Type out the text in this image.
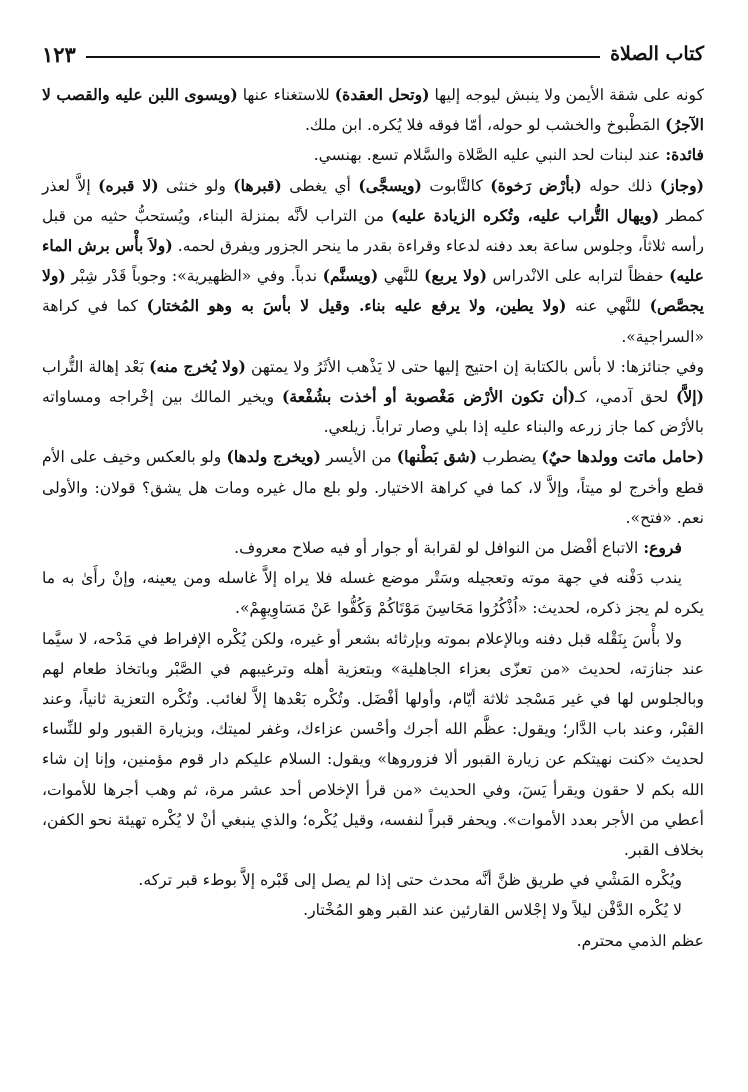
كتاب الصلاة
١٢٣

كونه على شقة الأيمن ولا ينبش ليوجه إليها (وتحل العقدة) للاستغناء عنها (ويسوى اللبن عليه والقصب لا الآجرُ) المَطْبوخ والخشب لو حوله، أمّا فوقه فلا يُكره. ابن ملك.

فائدة: عند لبنات لحد النبي عليه الصَّلاة والسَّلام تسع. بهنسي.

(وجاز) ذلك حوله (بأرْض رَخوة) كالتَّابوت (ويسجَّى) أي يغطى (قبرها) ولو خنثى (لا قبره) إلاَّ لعذر كمطر (ويهال التُّراب عليه، وتُكره الزيادة عليه) من التراب لأنَّه بمنزلة البناء، ويُستحبُّ حثيه من قبل رأسه ثلاثاً، وجلوس ساعة بعد دفنه لدعاء وقراءة بقدر ما ينحر الجزور ويفرق لحمه. (ولاَ بأْس برش الماء عليه) حفظاً لترابه على الانْدراس (ولا يربع) للنَّهي (ويسنَّم) ندباً. وفي «الظهيرية»: وجوباً قَدْر شِبْر (ولا يجصَّص) للنَّهي عنه (ولا يطين، ولا يرفع عليه بناء. وقيل لا بأسَ به وهو المُختار) كما في كراهة «السراجية».

وفي جنائزها: لا بأس بالكتابة إن احتيج إليها حتى لا يَذْهب الأثَرُ ولا يمتهن (ولا يُخرج منه) بَعْد إهالة التُّراب (إلاَّ) لحق آدمي، كـ(أن تكون الأرْض مَغْصوبة أو أخذت بشُفْعة) ويخير المالك بين إخْراجه ومساواته بالأرْض كما جاز زرعه والبناء عليه إذا بلي وصار تراباً. زيلعي.

(حامل ماتت وولدها حيٌ) يضطرب (شق بَطْنها) من الأيسر (ويخرج ولدها) ولو بالعكس وخيف على الأم قطع وأخرج لو ميتاً، وإلاَّ لا، كما في كراهة الاختيار. ولو بلع مال غيره ومات هل يشق؟ قولان: والأولى نعم. «فتح».

فروع: الاتباع أفْضل من النوافل لو لقرابة أو جوار أو فيه صلاح معروف.

يندب دَفْنه في جهة موته وتعجيله وسَتْر موضع غسله فلا يراه إلاَّ غاسله ومن يعينه، وإنْ رأَىٰ به ما يكره لم يجز ذكره، لحديث: «اُذْكُرُوا مَحَاسِنَ مَوْتَاكُمْ وَكُفُّوا عَنْ مَسَاوِيهِمْ».

ولا بأْسَ بِنَقْله قبل دفنه وبالإعلام بموته وبإرثائه بشعر أو غيره، ولكن يُكْره الإفراط في مَدْحه، لا سيَّما عند جنازته، لحديث «من تعزّى بعزاء الجاهلية» وبتعزية أهله وترغيبهم في الصَّبْر وباتخاذ طعام لهم وبالجلوس لها في غير مَسْجد ثلاثة أيّام، وأولها أفْضَل. وتُكْره بَعْدها إلاَّ لغائب. وتُكْره التعزية ثانياً، وعند القبْر، وعند باب الدَّار؛ ويقول: عظَّم الله أجرك وأحْسن عزاءك، وغفر لميتك، وبزيارة القبور ولو للنِّساء لحديث «كنت نهيتكم عن زيارة القبور ألا فزوروها» ويقول: السلام عليكم دار قوم مؤمنين، وإنا إن شاء الله بكم لا حقون ويقرأ يَسٓ، وفي الحديث «من قرأ الإخلاص أحد عشر مرة، ثم وهب أجرها للأموات، أعطي من الأجر بعدد الأموات». ويحفر قبراً لنفسه، وقيل يُكْره؛ والذي ينبغي أنْ لا يُكْره تهيئة نحو الكفن، بخلاف القبر.

ويُكْره المَشْي في طريق ظنَّ أنَّه محدث حتى إذا لم يصل إلى قَبْره إلاَّ بوطء قبر تركه.

لا يُكْره الدَّفْن ليلاً ولا إجْلاس القارئين عند القبر وهو المُخْتار.

عظم الذمي محترم.
